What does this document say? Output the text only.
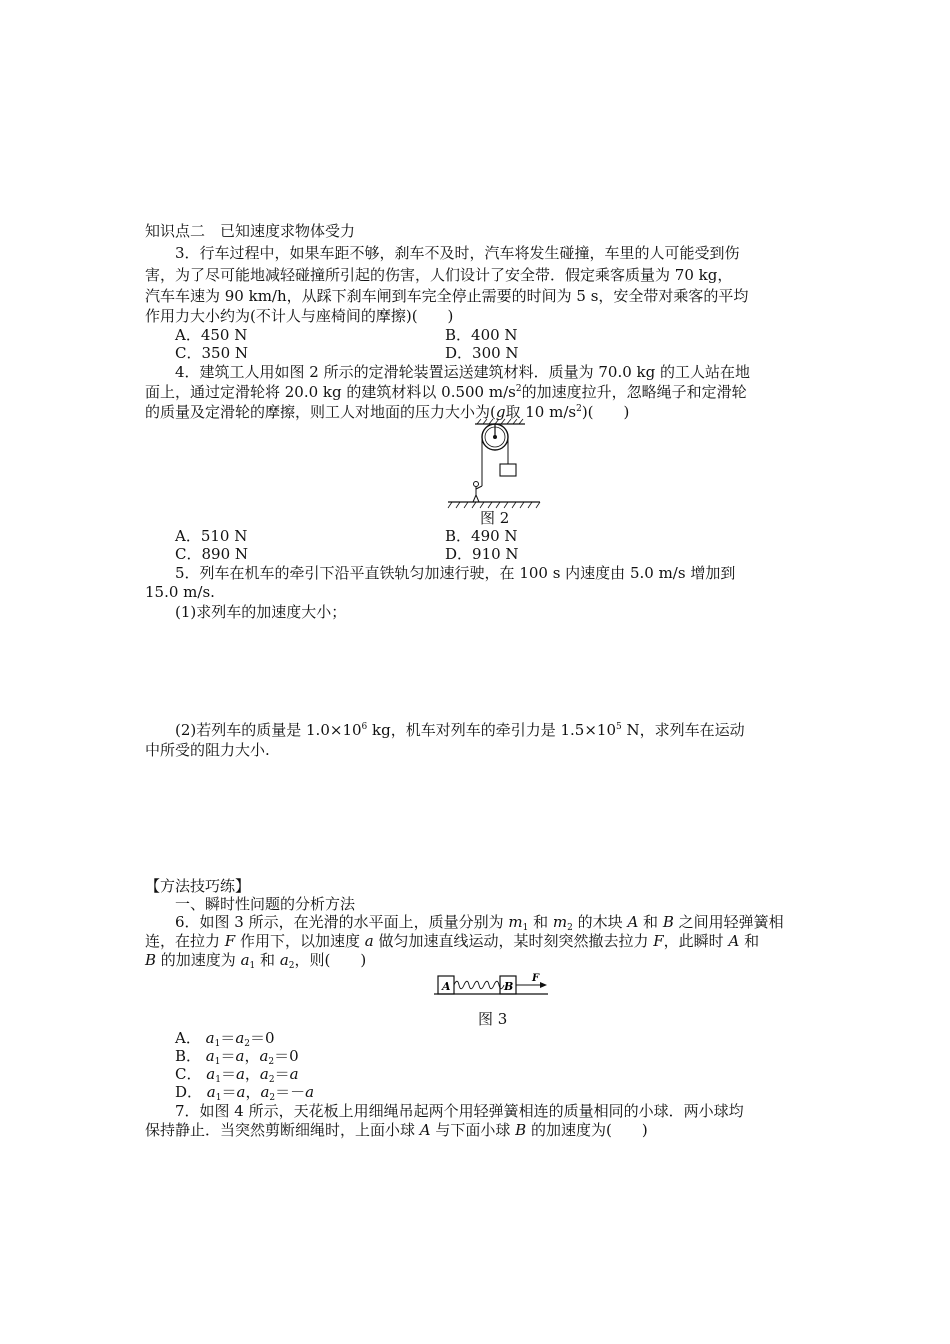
知识点二　已知速度求物体受力
3．行车过程中，如果车距不够，刹车不及时，汽车将发生碰撞，车里的人可能受到伤
害，为了尽可能地减轻碰撞所引起的伤害，人们设计了安全带．假定乘客质量为 70 kg，
汽车车速为 90 km/h，从踩下刹车闸到车完全停止需要的时间为 5 s，安全带对乘客的平均
作用力大小约为(不计人与座椅间的摩擦)(　　)
A．450 N	B．400 N
C．350 N	D．300 N
4．建筑工人用如图 2 所示的定滑轮装置运送建筑材料．质量为 70.0 kg 的工人站在地
面上，通过定滑轮将 20.0 kg 的建筑材料以 0.500 $m/s^2$的加速度拉升，忽略绳子和定滑轮
的质量及定滑轮的摩擦，则工人对地面的压力大小为(g取 10 $m/s^2$)(　　)
图 2
A．510 N	B．490 N
C．890 N	D．910 N
5．列车在机车的牵引下沿平直铁轨匀加速行驶，在 100 s 内速度由 5.0 m/s 增加到
15.0 m/s.
(1)求列车的加速度大小；
(2)若列车的质量是 $1.0\times 10^6$ kg，机车对列车的牵引力是 $1.5\times 10^5$ N，求列车在运动
中所受的阻力大小.
【方法技巧练】
一、瞬时性问题的分析方法
6．如图 3 所示，在光滑的水平面上，质量分别为 $m_1$ 和 $m_2$ 的木块 A 和 B 之间用轻弹簧相
连，在拉力 F 作用下，以加速度 a 做匀加速直线运动，某时刻突然撤去拉力 F，此瞬时 A 和
B 的加速度为 $a_1$ 和 $a_2$，则(　　)
A	B
F
图 3
A． $a_1=a_2=0$
B． $a_1=a$，$a_2=0$
C． $a_1=a$，$a_2=a$
D． $a_1=a$，$a_2=-a$
7．如图 4 所示，天花板上用细绳吊起两个用轻弹簧相连的质量相同的小球．两小球均
保持静止．当突然剪断细绳时，上面小球 A 与下面小球 B 的加速度为(　　)
